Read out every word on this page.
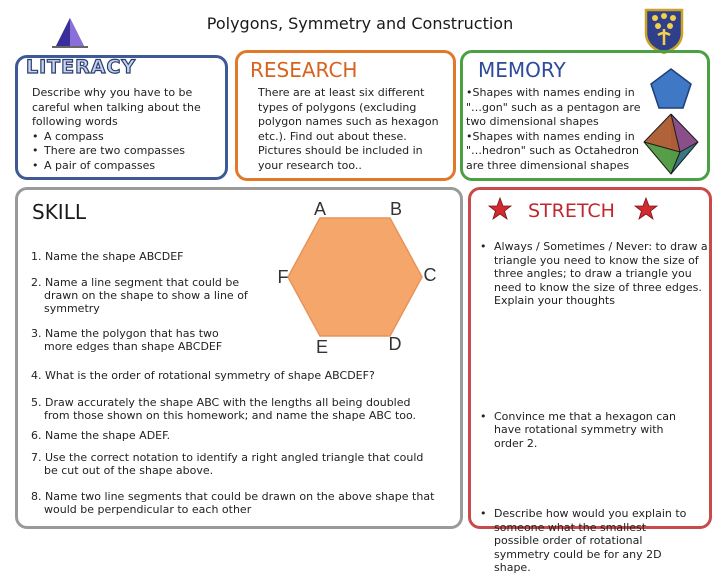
Polygons, Symmetry and Construction
LITERACY
Describe why you have to be careful when talking about the following words
• A compass
• There are two compasses
• A pair of compasses
RESEARCH
There are at least six different types of polygons (excluding polygon names such as hexagon etc.). Find out about these. Pictures should be included in your research too..
MEMORY
•Shapes with names ending in "…gon" such as a pentagon are two dimensional shapes
•Shapes with names ending in "…hedron" such as Octahedron are three dimensional shapes
SKILL	A	B
C
D
E
F
1. Name the shape ABCDEF
2. Name a line segment that could be
drawn on the shape to show a line of symmetry
3. Name the polygon that has two
more edges than shape ABCDEF
4. What is the order of rotational symmetry of shape ABCDEF?
5. Draw accurately the shape ABC with the lengths all being doubled
from those shown on this homework; and name the shape ABC too.
6. Name the shape ADEF.
7. Use the correct notation to identify a right angled triangle that could
be cut out of the shape above.
8. Name two line segments that could be drawn on the above shape that
would be perpendicular to each other
STRETCH
• Always / Sometimes / Never: to draw a triangle you need to know the size of three angles; to draw a triangle you need to know the size of three edges. Explain your thoughts
• Convince me that a hexagon can have rotational symmetry with order 2.
• Describe how would you explain to someone what the smallest possible order of rotational symmetry could be for any 2D shape.
